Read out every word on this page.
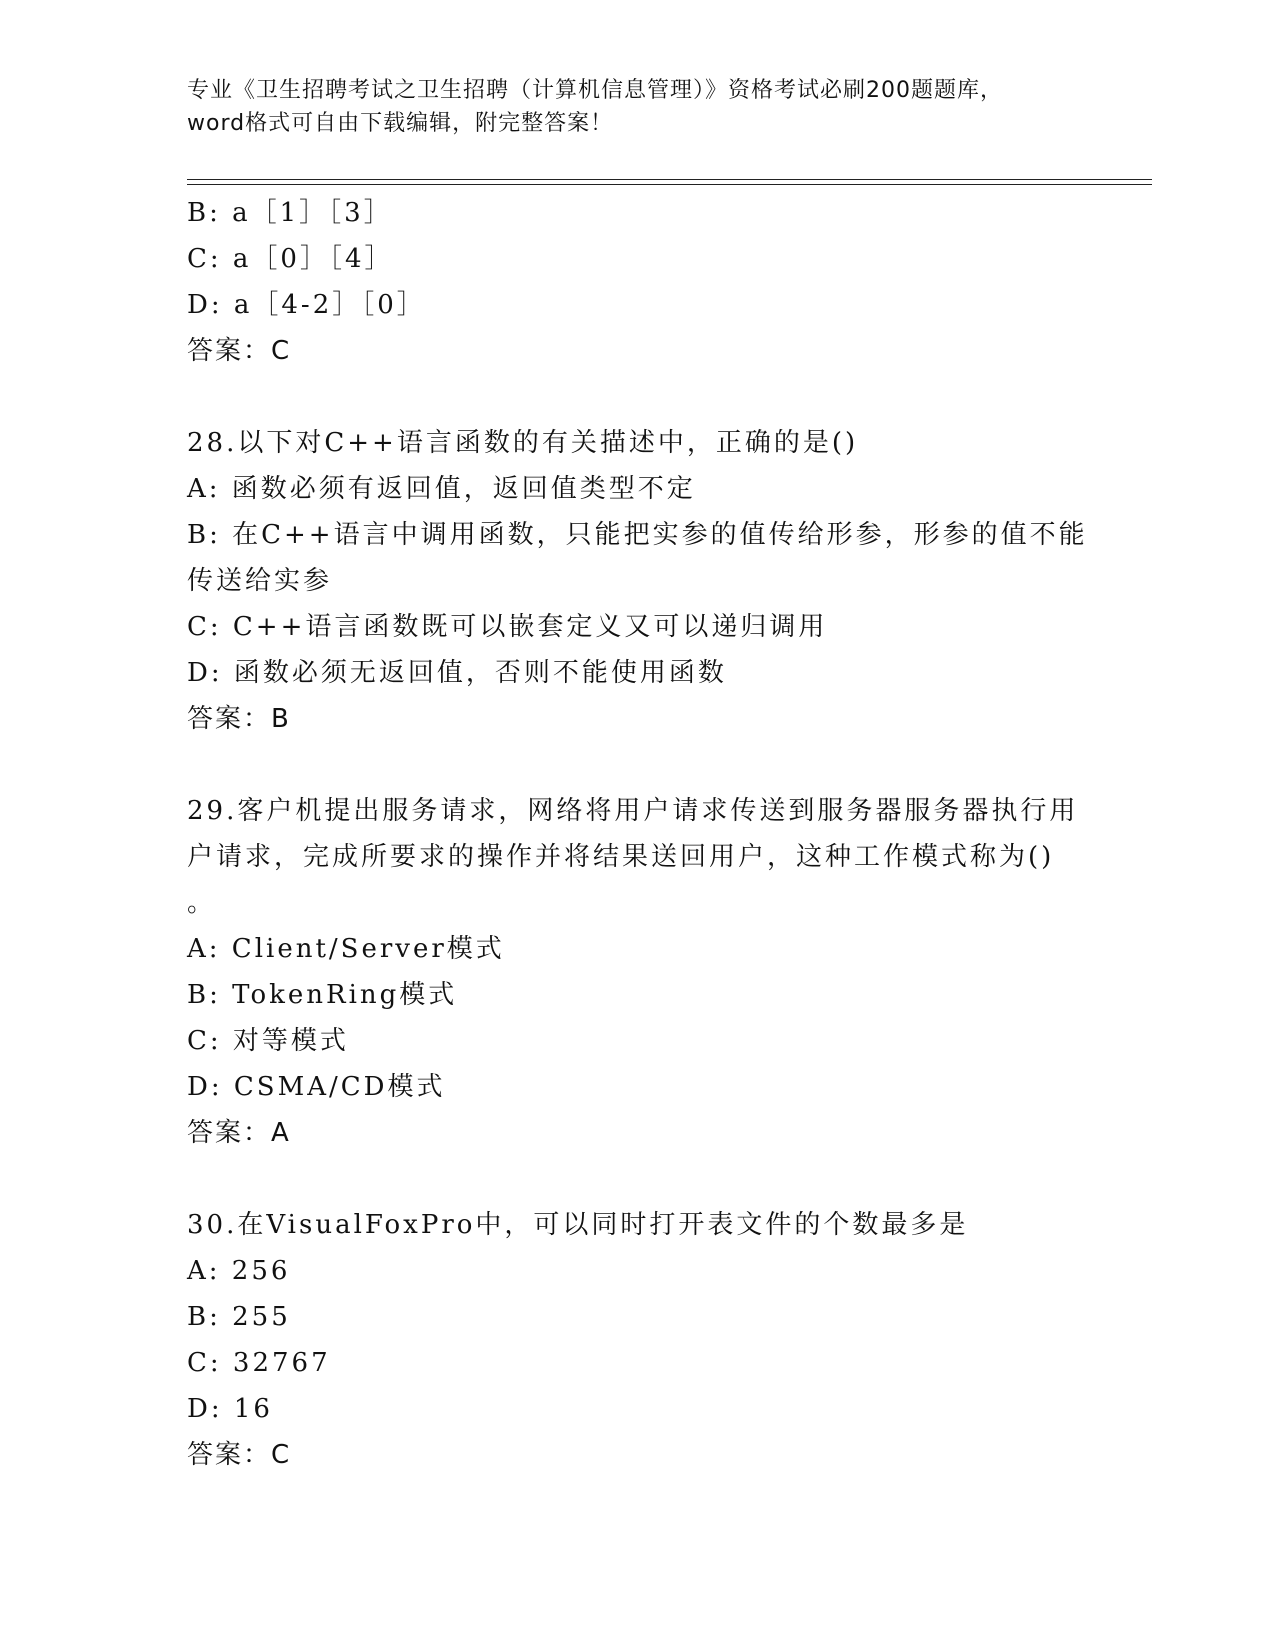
专业《卫生招聘考试之卫生招聘（计算机信息管理）》资格考试必刷200题题库，
word格式可自由下载编辑，附完整答案！

B: a［1］［3］

C: a［0］［4］

D: a［4-2］［0］

答案：C

28.以下对C++语言函数的有关描述中，正确的是()

A: 函数必须有返回值，返回值类型不定

B: 在C++语言中调用函数，只能把实参的值传给形参，形参的值不能

传送给实参

C: C++语言函数既可以嵌套定义又可以递归调用

D: 函数必须无返回值，否则不能使用函数

答案：B

29.客户机提出服务请求，网络将用户请求传送到服务器服务器执行用

户请求，完成所要求的操作并将结果送回用户，这种工作模式称为()

。

A: Client/Server模式

B: TokenRing模式

C: 对等模式

D: CSMA/CD模式

答案：A

30.在VisualFoxPro中，可以同时打开表文件的个数最多是

A: 256

B: 255

C: 32767

D: 16

答案：C
